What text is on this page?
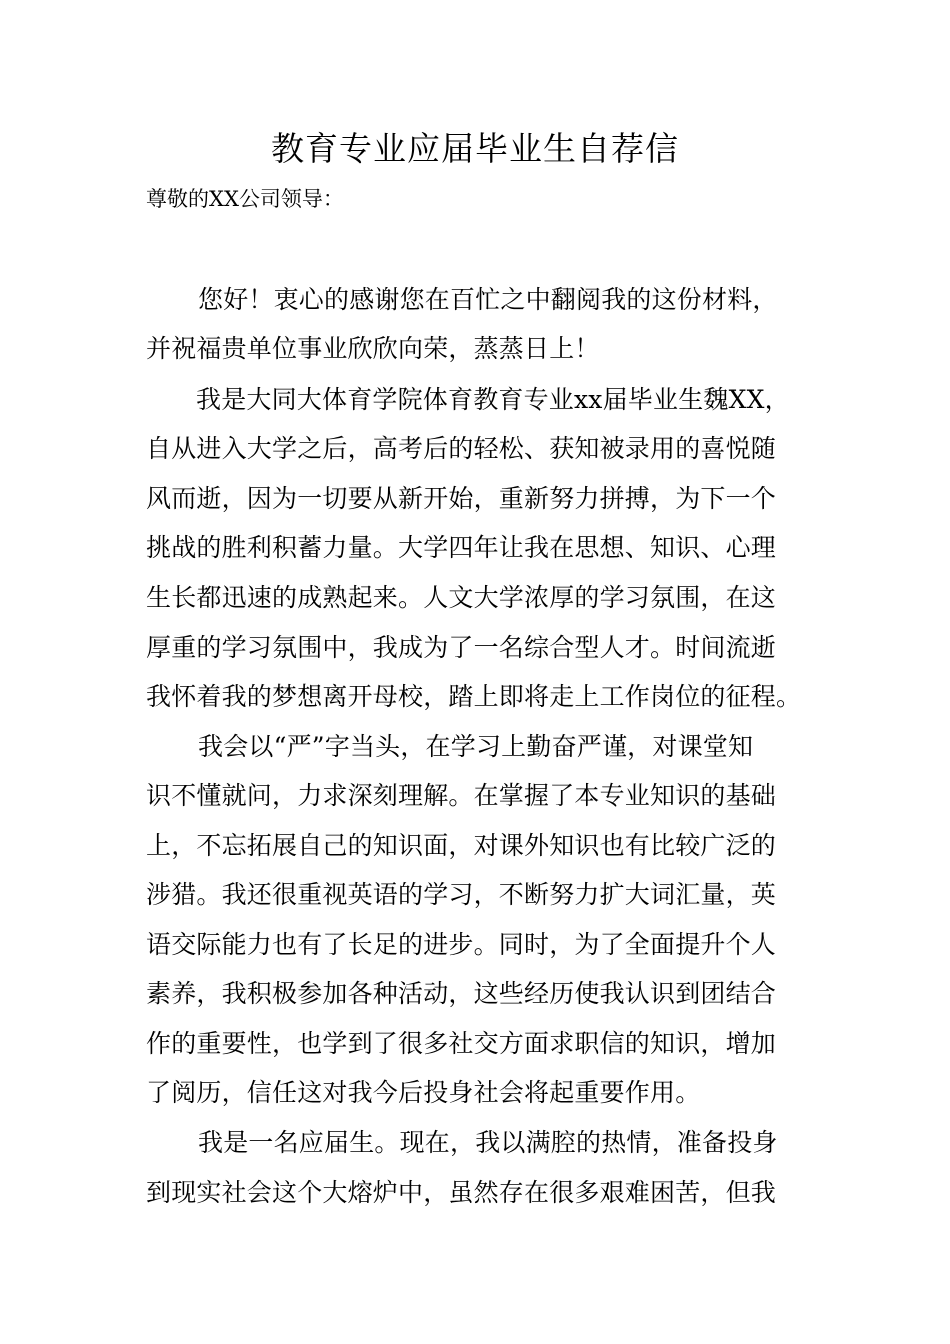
教育专业应届毕业生自荐信
尊敬的XX公司领导：
您好！衷心的感谢您在百忙之中翻阅我的这份材料，
并祝福贵单位事业欣欣向荣，蒸蒸日上！
我是大同大体育学院体育教育专业xx届毕业生魏XX，
自从进入大学之后，高考后的轻松、获知被录用的喜悦随
风而逝，因为一切要从新开始，重新努力拼搏，为下一个
挑战的胜利积蓄力量。大学四年让我在思想、知识、心理
生长都迅速的成熟起来。人文大学浓厚的学习氛围，在这
厚重的学习氛围中，我成为了一名综合型人才。时间流逝
我怀着我的梦想离开母校，踏上即将走上工作岗位的征程。
我会以“严”字当头，在学习上勤奋严谨，对课堂知
识不懂就问，力求深刻理解。在掌握了本专业知识的基础
上，不忘拓展自己的知识面，对课外知识也有比较广泛的
涉猎。我还很重视英语的学习，不断努力扩大词汇量，英
语交际能力也有了长足的进步。同时，为了全面提升个人
素养，我积极参加各种活动，这些经历使我认识到团结合
作的重要性，也学到了很多社交方面求职信的知识，增加
了阅历，信任这对我今后投身社会将起重要作用。
我是一名应届生。现在，我以满腔的热情，准备投身
到现实社会这个大熔炉中，虽然存在很多艰难困苦，但我
